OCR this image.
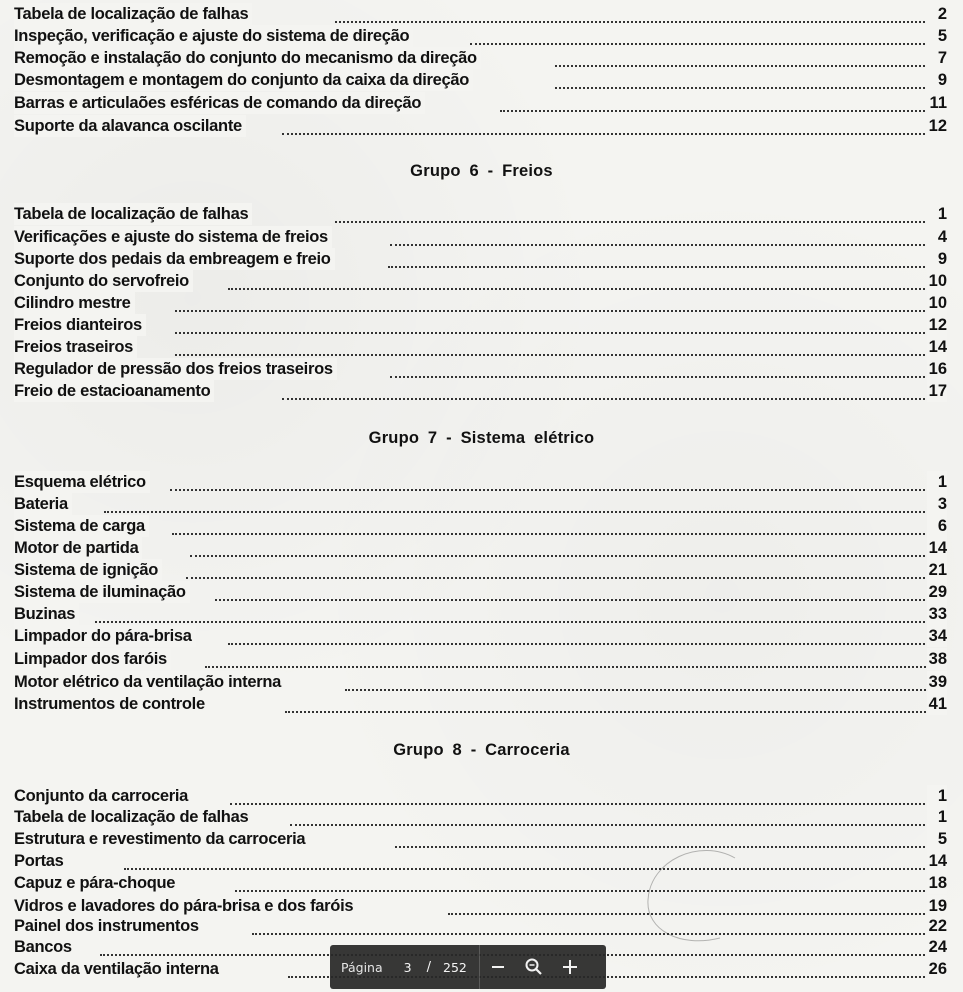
Tabela de localização de falhas	2
Inspeção, verificação e ajuste do sistema de direção	5
Remoção e instalação do conjunto do mecanismo da direção	7
Desmontagem e montagem do conjunto da caixa da direção	9
Barras e articulaões esféricas de comando da direção	11
Suporte da alavanca oscilante	12
Grupo 6 - Freios
Tabela de localização de falhas	1
Verificações e ajuste do sistema de freios	4
Suporte dos pedais da embreagem e freio	9
Conjunto do servofreio	10
Cilindro mestre	10
Freios dianteiros	12
Freios traseiros	14
Regulador de pressão dos freios traseiros	16
Freio de estacioanamento	17
Grupo 7 - Sistema elétrico
Esquema elétrico	1
Bateria	3
Sistema de carga	6
Motor de partida	14
Sistema de ignição	21
Sistema de iluminação	29
Buzinas	33
Limpador do pára-brisa	34
Limpador dos faróis	38
Motor elétrico da ventilação interna	39
Instrumentos de controle	41
Grupo 8 - Carroceria
Conjunto da carroceria	1
Tabela de localização de falhas	1
Estrutura e revestimento da carroceria	5
Portas	14
Capuz e pára-choque	18
Vidros e lavadores do pára-brisa e dos faróis	19
Painel dos instrumentos	22
Bancos	24
Caixa da ventilação interna	26
Página 3 / 252
